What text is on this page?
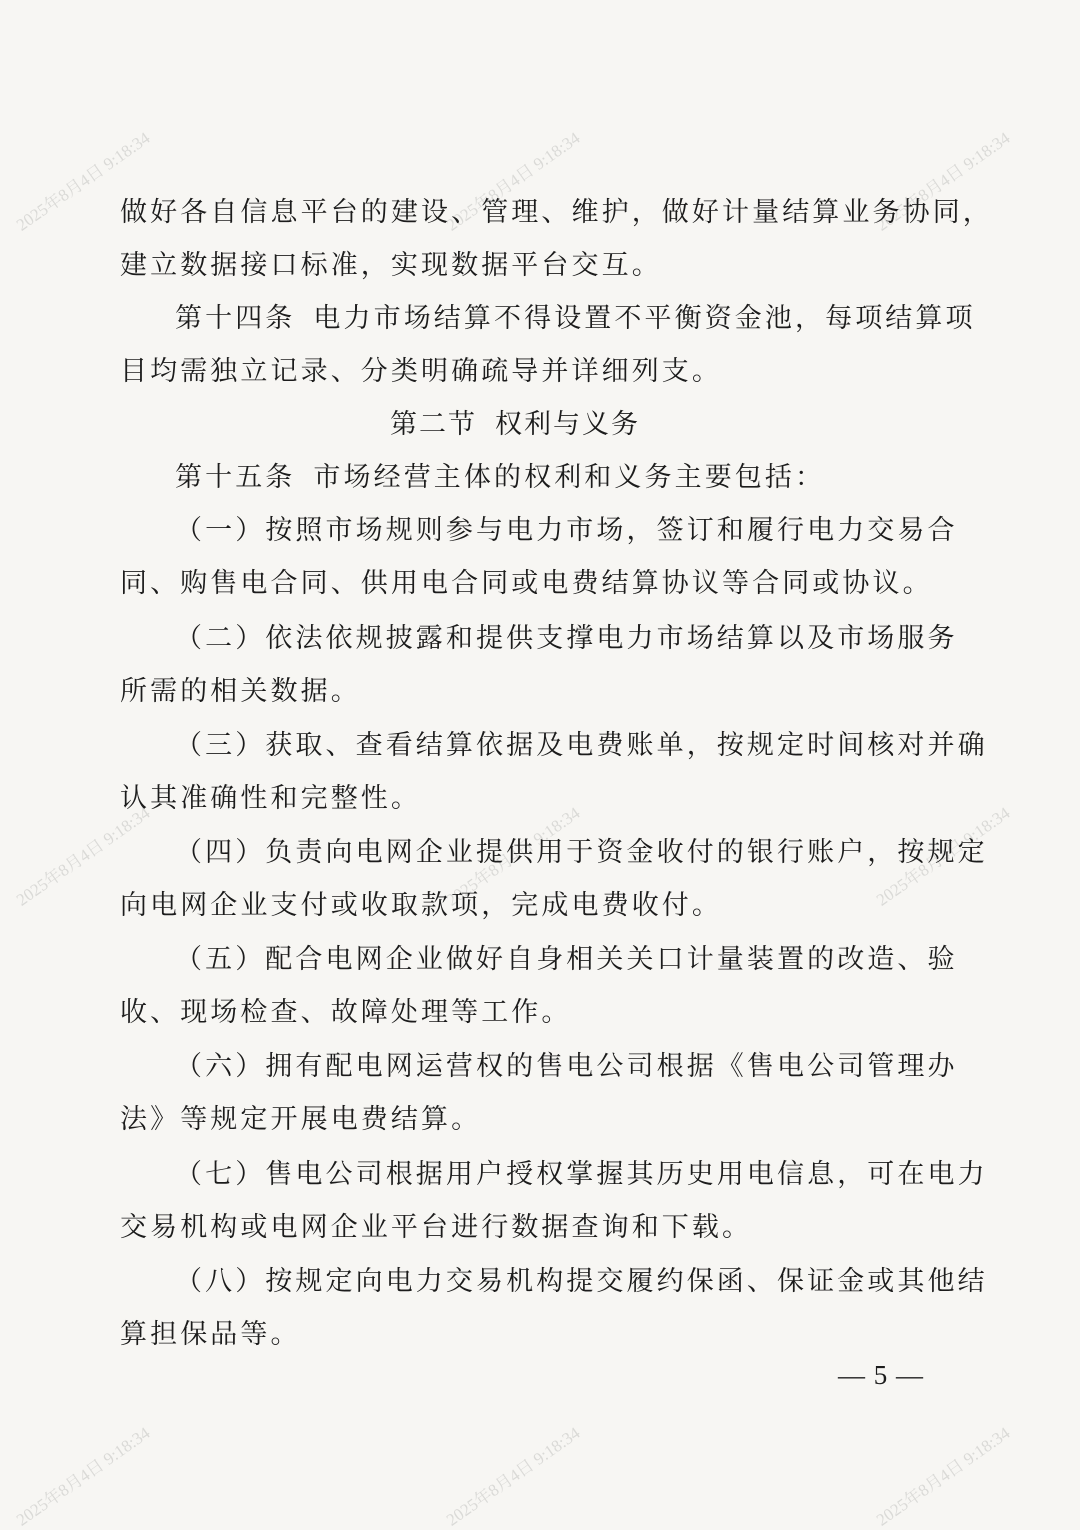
2025年8月4日 9:18:34	2025年8月4日 9:18:34	2025年8月4日 9:18:34
2025年8月4日 9:18:34	2025年8月4日 9:18:34	2025年8月4日 9:18:34
2025年8月4日 9:18:34	2025年8月4日 9:18:34	2025年8月4日 9:18:34
做好各自信息平台的建设、管理、维护，做好计量结算业务协同，
建立数据接口标准，实现数据平台交互。
第十四条 电力市场结算不得设置不平衡资金池，每项结算项
目均需独立记录、分类明确疏导并详细列支。
第二节 权利与义务
第十五条 市场经营主体的权利和义务主要包括：
（一）按照市场规则参与电力市场，签订和履行电力交易合
同、购售电合同、供用电合同或电费结算协议等合同或协议。
（二）依法依规披露和提供支撑电力市场结算以及市场服务
所需的相关数据。
（三）获取、查看结算依据及电费账单，按规定时间核对并确
认其准确性和完整性。
（四）负责向电网企业提供用于资金收付的银行账户，按规定
向电网企业支付或收取款项，完成电费收付。
（五）配合电网企业做好自身相关关口计量装置的改造、验
收、现场检查、故障处理等工作。
（六）拥有配电网运营权的售电公司根据《售电公司管理办
法》等规定开展电费结算。
（七）售电公司根据用户授权掌握其历史用电信息，可在电力
交易机构或电网企业平台进行数据查询和下载。
（八）按规定向电力交易机构提交履约保函、保证金或其他结
算担保品等。
— 5 —
